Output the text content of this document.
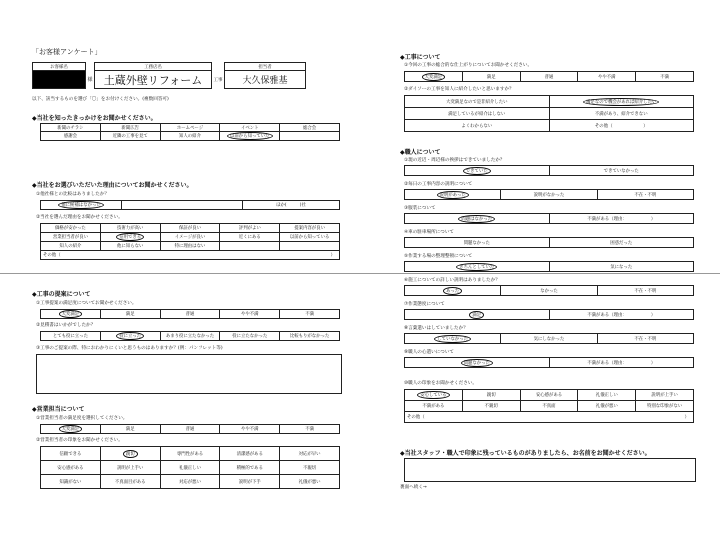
「お客様アンケート」
お客様名		工務店名		担当者
	様	土蔵外壁リフォーム	工事	大久保雅基
以下、該当するものを選び「〇」をお付けください。(複数回答可)
◆当社を知ったきっかけをお聞かせください。
新聞のチラシ	新聞広告	ホームページ	イベント	総合会
感謝会	近隣の工事を見て	知人の紹介	以前から知っていた	
◆当社をお選びいただいた理由についてお聞かせください。
①他社様との比較はありましたか？
他に候補はなかった		ほか(　　　)社
②当社を選んだ理由をお聞かせください。
価格が安かった	技術力が高い	保証が良い	評判がよい	提案内容が良い
営業担当者が良い	信用できる	イメージが良い	近くにある	以前から知っている
知人の紹介	他に知らない	特に理由はない		
その他（				）
◆工事の提案について
①工事提案の満足度についてお聞かせください。
大変満足	満足	普通	やや不満	不満
②見積書はいかがでしたか？
とても役に立った	役に立った	あまり役に立たなかった	役に立たなかった	比較もりがなかった
③工事のご提案の際、特におわかりにくいと思うものはありますか？(例：パンフレット等)
◆営業担当について
①営業担当者の満足度を選択してください。
大変満足	満足	普通	やや不満	不満
②営業担当者の印象をお聞かせください。
信頼できる	親切	専門性がある	清潔感がある	対応が早い
安心感がある	説明が上手い	礼儀正しい	積極的である	不親切
知識がない	不真面目がある	対応が悪い	説明が下手	礼儀が悪い
◆工事について
①今回の工事の総合的な仕上がりについてお聞かせください。
大変満足	満足	普通	やや不満	不満
②ダイソーの工事を知人に紹介したいと思いますか？
大変満足なので是非紹介したい	満足なので機会があれば紹介したい
満足しているが紹介はしない	不満があり、紹介できない
よくわからない	その他（　　　　　　　）
◆職人について
①現の近辺・周辺様の挨拶はできていましたか？
できていた	できていなかった
②毎日の工事内容の説明について
説明があった	説明がなかった	不在・不明
③服装について
問題はなかった	不満がある（理由：　　　　　　）
④車の駐車場所について
問題なかった	困惑だった
⑤作業する場の整理整頓について
きちんとしていた	気になった
⑥施工についての詳しい説明はありましたか？
あった	なかった	不在・不明
⑦作業態度について
満足	不満がある（理由：　　　　　　）
⑧言葉遣いはしていましたか？
していなかった	気にしなかった	不在・不明
⑨職人の心遣いについて
問題なかった	不満がある（理由：　　　　　　）
⑩職人の印象をお聞かせください。
安心している	親切	安心感がある	礼儀正しい	説明が上手い
不満がある	不親切	不真面	礼儀が悪い	特別な印象がない
その他（				）
◆当社スタッフ・職人で印象に残っているものがありましたら、お名前をお聞かせください。
裏面へ続く→
